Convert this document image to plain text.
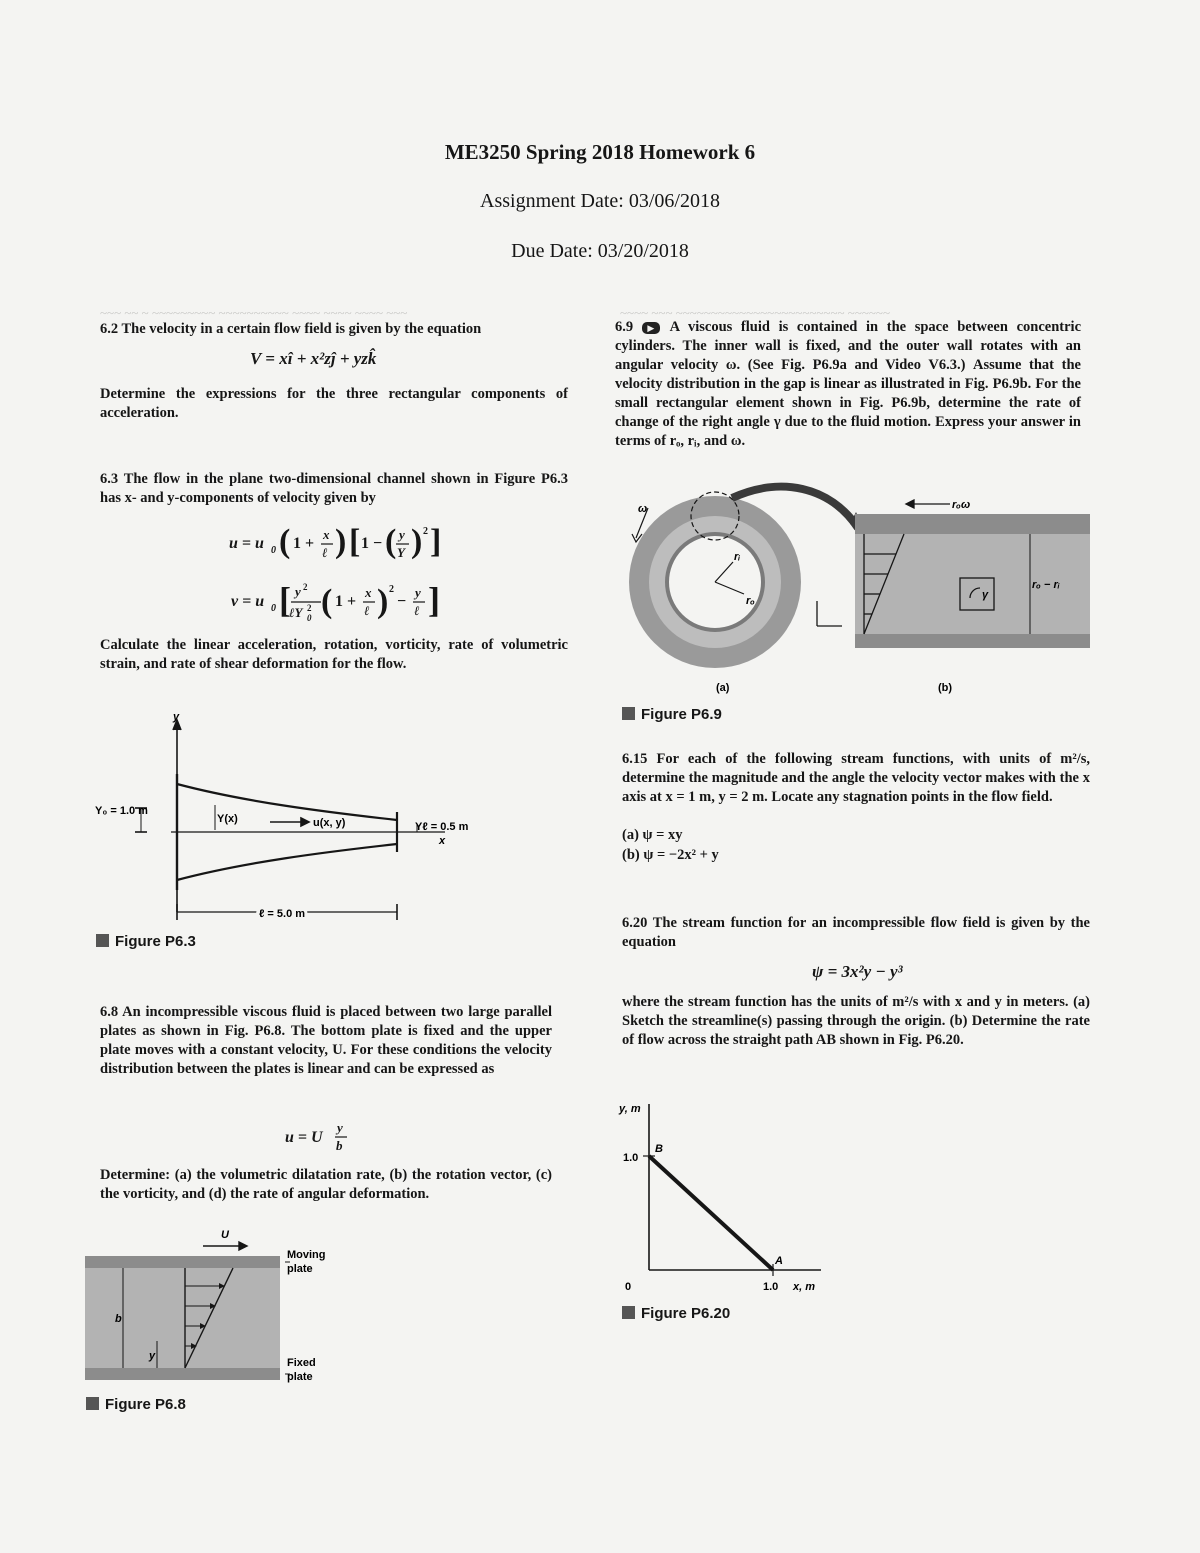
ME3250 Spring 2018 Homework 6
Assignment Date: 03/06/2018
Due Date: 03/20/2018
~~~ ~~ ~ ~~~~~~~~~ ~~~~~~~~~~ ~~~~ ~~~~ ~~~~ ~~~	~~~~ ~~~ ~~~~~~~~~~~~~~~~~~~~~~~~ ~~~~~~
6.2 The velocity in a certain flow field is given by the equation
V = xî + x²zĵ + yzk̂
Determine the expressions for the three rectangular components of acceleration.
6.3 The flow in the plane two-dimensional channel shown in Figure P6.3 has x- and y-components of velocity given by
u = u 0 ( 1 +
x
ℓ ) [ 1 − ( y
Y ) 2 ]
v = u 0 [ y 2
ℓY 0
2 ( 1 +
x
ℓ ) 2
−
y
ℓ ]
Calculate the linear acceleration, rotation, vorticity, rate of volumetric strain, and rate of shear deformation for the flow.
y
x
Y₀ = 1.0 m
Y(x)	u(x, y)	Yℓ = 0.5 m
ℓ = 5.0 m
Figure P6.3
6.8 An incompressible viscous fluid is placed between two large parallel plates as shown in Fig. P6.8. The bottom plate is fixed and the upper plate moves with a constant velocity, U. For these conditions the velocity distribution between the plates is linear and can be expressed as
u = U
y
b
Determine: (a) the volumetric dilatation rate, (b) the rotation vector, (c) the vorticity, and (d) the rate of angular deformation.
U
Moving plate
Fixed plate
b
y
Figure P6.8
6.9 ▶ A viscous fluid is contained in the space between concentric cylinders. The inner wall is fixed, and the outer wall rotates with an angular velocity ω. (See Fig. P6.9a and Video V6.3.) Assume that the velocity distribution in the gap is linear as illustrated in Fig. P6.9b. For the small rectangular element shown in Fig. P6.9b, determine the rate of change of the right angle γ due to the fluid motion. Express your answer in terms of rₒ, rᵢ, and ω.
ω
rᵢ
rₒ
rₒω
γ
rₒ − rᵢ
(a)	(b)
Figure P6.9
6.15 For each of the following stream functions, with units of m²/s, determine the magnitude and the angle the velocity vector makes with the x axis at x = 1 m, y = 2 m. Locate any stagnation points in the flow field.
(a) ψ = xy
(b) ψ = −2x² + y
6.20 The stream function for an incompressible flow field is given by the equation
ψ = 3x²y − y³
where the stream function has the units of m²/s with x and y in meters. (a) Sketch the streamline(s) passing through the origin. (b) Determine the rate of flow across the straight path AB shown in Fig. P6.20.
y, m
1.0
B
A
0	1.0 x, m
Figure P6.20
